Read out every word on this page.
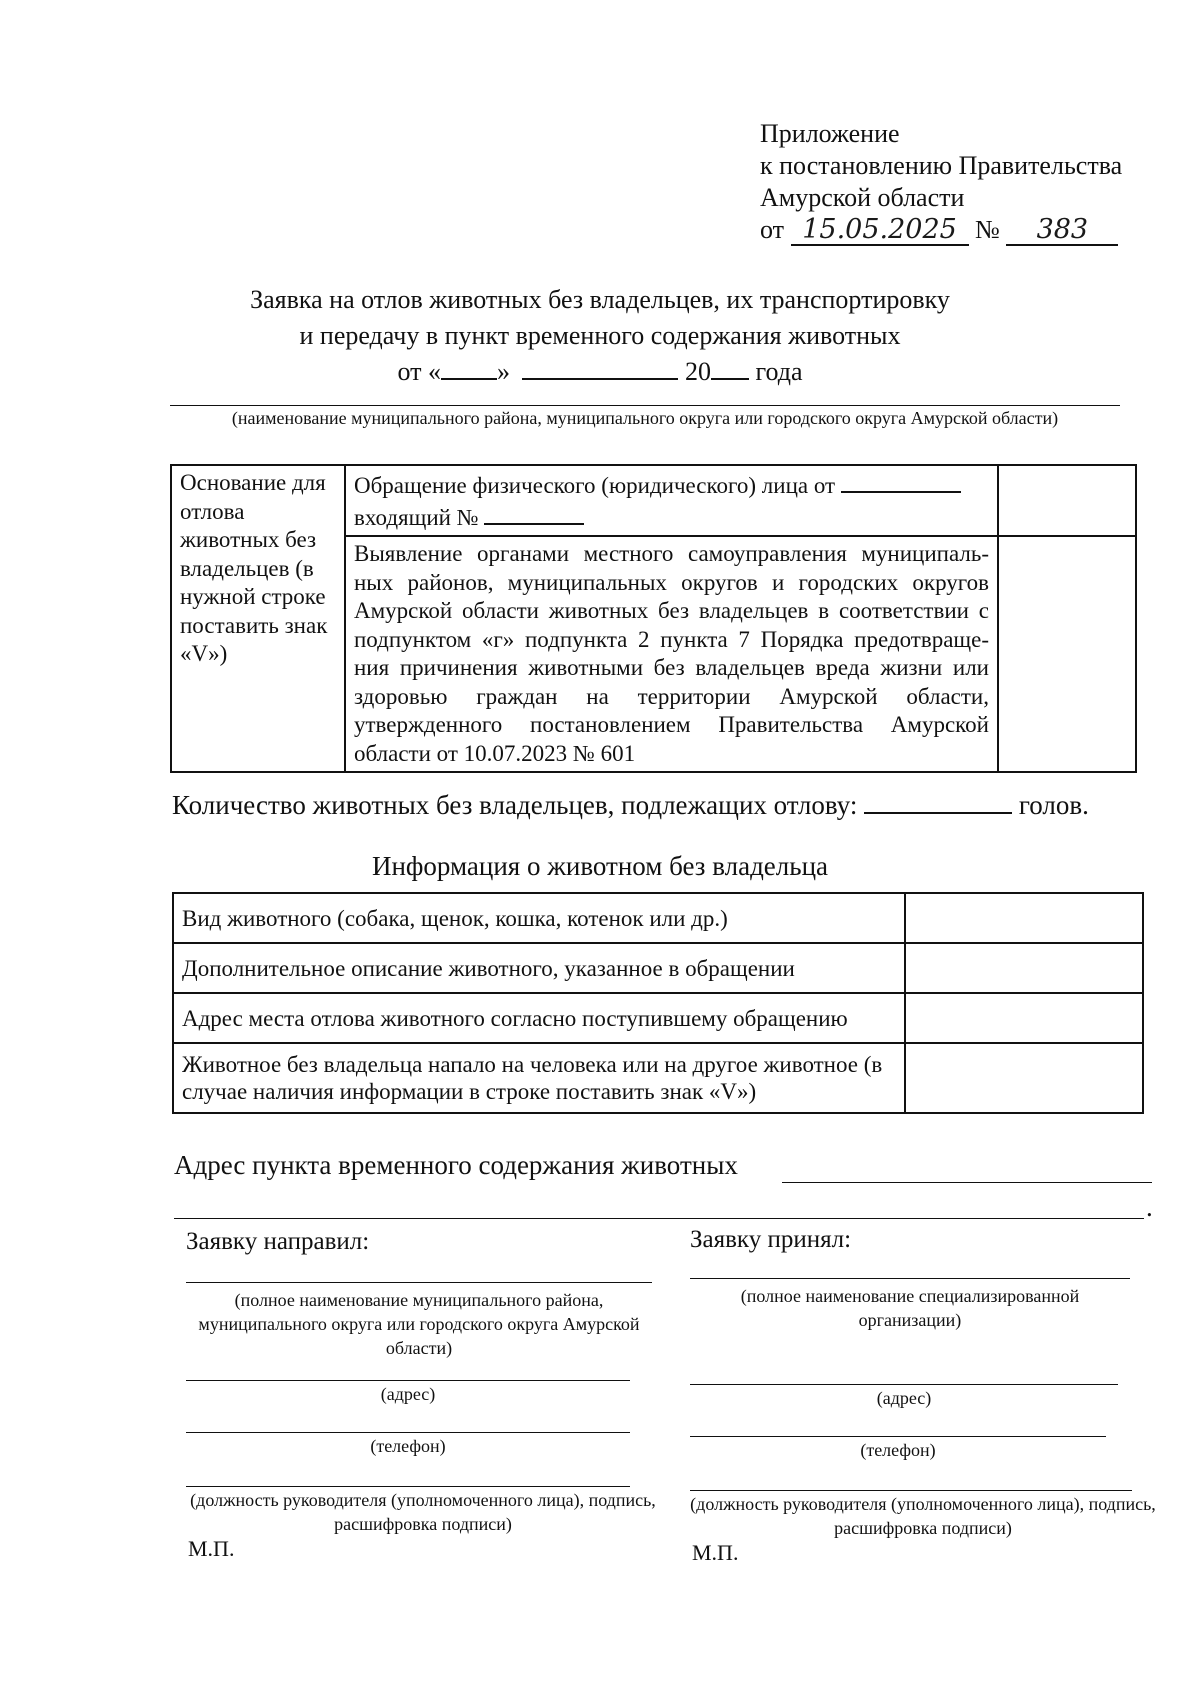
Приложение
к постановлению Правительства
Амурской области
от 15.05.2025 № 383
Заявка на отлов животных без владельцев, их транспортировку
и передачу в пункт временного содержания животных
от « »	20 года
(наименование муниципального района, муниципального округа или городского округа Амурской области)
Основание для отлова животных без владельцев (в нужной строке поставить знак «V»)	Обращение физического (юридического) лица от
входящий №	

	Выявление органами местного самоуправления муниципаль-ных районов, муниципальных округов и городских округов Амурской области животных без владельцев в соответствии с подпунктом «г» подпункта 2 пункта 7 Порядка предотвраще-ния причинения животными без владельцев вреда жизни или здоровью граждан на территории Амурской области, утвержденного постановлением Правительства Амурской области от 10.07.2023 № 601	
Количество животных без владельцев, подлежащих отлову:	голов.
Информация о животном без владельца
Вид животного (собака, щенок, кошка, котенок или др.)	
Дополнительное описание животного, указанное в обращении	
Адрес места отлова животного согласно поступившему обращению	
Животное без владельца напало на человека или на другое животное (в случае наличия информации в строке поставить знак «V»)	
Адрес пункта временного содержания животных
.
Заявку направил:
(полное наименование муниципального района, муниципального округа или городского округа Амурской области)
(адрес)
(телефон)
(должность руководителя (уполномоченного лица), подпись, расшифровка подписи)
М.П.
Заявку принял:
(полное наименование специализированной организации)
(адрес)
(телефон)
(должность руководителя (уполномоченного лица), подпись, расшифровка подписи)
М.П.
